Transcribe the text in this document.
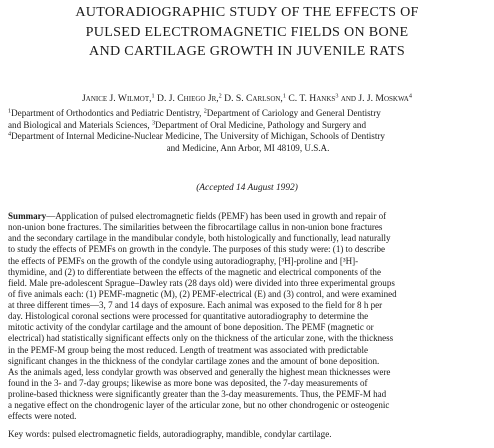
AUTORADIOGRAPHIC STUDY OF THE EFFECTS OF
PULSED ELECTROMAGNETIC FIELDS ON BONE
AND CARTILAGE GROWTH IN JUVENILE RATS

Janice J. Wilmot,$^1$ D. J. Chiego Jr,$^2$ D. S. Carlson,$^1$ C. T. Hanks$^3$ and J. J. Moskwa$^4$

$^1$Department of Orthodontics and Pediatric Dentistry, $^2$Department of Cariology and General Dentistry
and Biological and Materials Sciences, $^3$Department of Oral Medicine, Pathology and Surgery and
$^4$Department of Internal Medicine-Nuclear Medicine, The University of Michigan, Schools of Dentistry
and Medicine, Ann Arbor, MI 48109, U.S.A.

(Accepted 14 August 1992)

Summary—Application of pulsed electromagnetic fields (PEMF) has been used in growth and repair of
non-union bone fractures. The similarities between the fibrocartilage callus in non-union bone fractures
and the secondary cartilage in the mandibular condyle, both histologically and functionally, lead naturally
to study the effects of PEMFs on growth in the condyle. The purposes of this study were: (1) to describe
the effects of PEMFs on the growth of the condyle using autoradiography, [³H]-proline and [³H]-
thymidine, and (2) to differentiate between the effects of the magnetic and electrical components of the
field. Male pre-adolescent Sprague–Dawley rats (28 days old) were divided into three experimental groups
of five animals each: (1) PEMF-magnetic (M), (2) PEMF-electrical (E) and (3) control, and were examined
at three different times—3, 7 and 14 days of exposure. Each animal was exposed to the field for 8 h per
day. Histological coronal sections were processed for quantitative autoradiography to determine the
mitotic activity of the condylar cartilage and the amount of bone deposition. The PEMF (magnetic or
electrical) had statistically significant effects only on the thickness of the articular zone, with the thickness
in the PEMF-M group being the most reduced. Length of treatment was associated with predictable
significant changes in the thickness of the condylar cartilage zones and the amount of bone deposition.
As the animals aged, less condylar growth was observed and generally the highest mean thicknesses were
found in the 3- and 7-day groups; likewise as more bone was deposited, the 7-day measurements of
proline-based thickness were significantly greater than the 3-day measurements. Thus, the PEMF-M had
a negative effect on the chondrogenic layer of the articular zone, but no other chondrogenic or osteogenic
effects were noted.

Key words: pulsed electromagnetic fields, autoradiography, mandible, condylar cartilage.
